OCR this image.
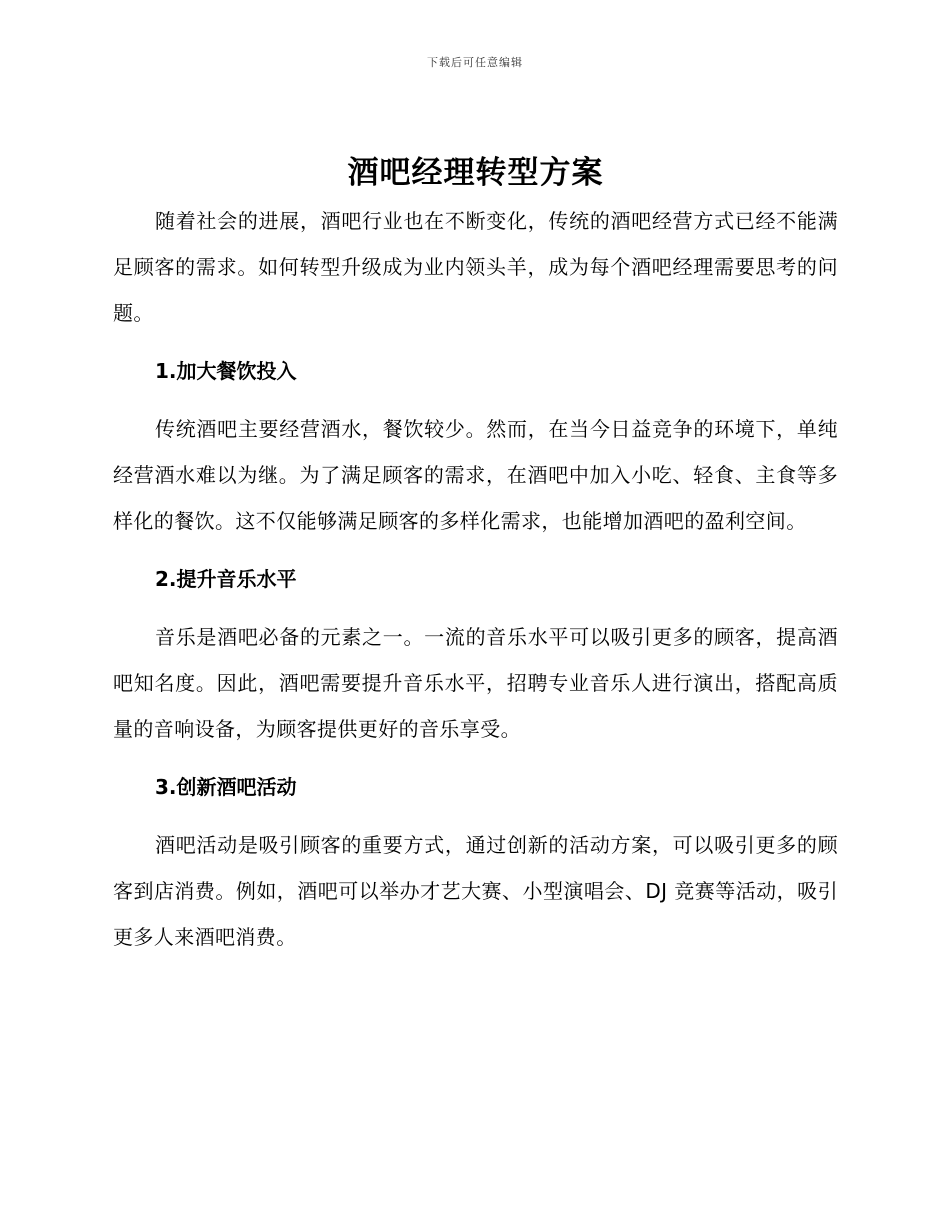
下载后可任意编辑
酒吧经理转型方案

随着社会的进展，酒吧行业也在不断变化，传统的酒吧经营方式已经不能满足顾客的需求。如何转型升级成为业内领头羊，成为每个酒吧经理需要思考的问题。

1.加大餐饮投入

传统酒吧主要经营酒水，餐饮较少。然而，在当今日益竞争的环境下，单纯经营酒水难以为继。为了满足顾客的需求，在酒吧中加入小吃、轻食、主食等多样化的餐饮。这不仅能够满足顾客的多样化需求，也能增加酒吧的盈利空间。

2.提升音乐水平

音乐是酒吧必备的元素之一。一流的音乐水平可以吸引更多的顾客，提高酒吧知名度。因此，酒吧需要提升音乐水平，招聘专业音乐人进行演出，搭配高质量的音响设备，为顾客提供更好的音乐享受。

3.创新酒吧活动

酒吧活动是吸引顾客的重要方式，通过创新的活动方案，可以吸引更多的顾客到店消费。例如，酒吧可以举办才艺大赛、小型演唱会、DJ 竞赛等活动，吸引更多人来酒吧消费。
